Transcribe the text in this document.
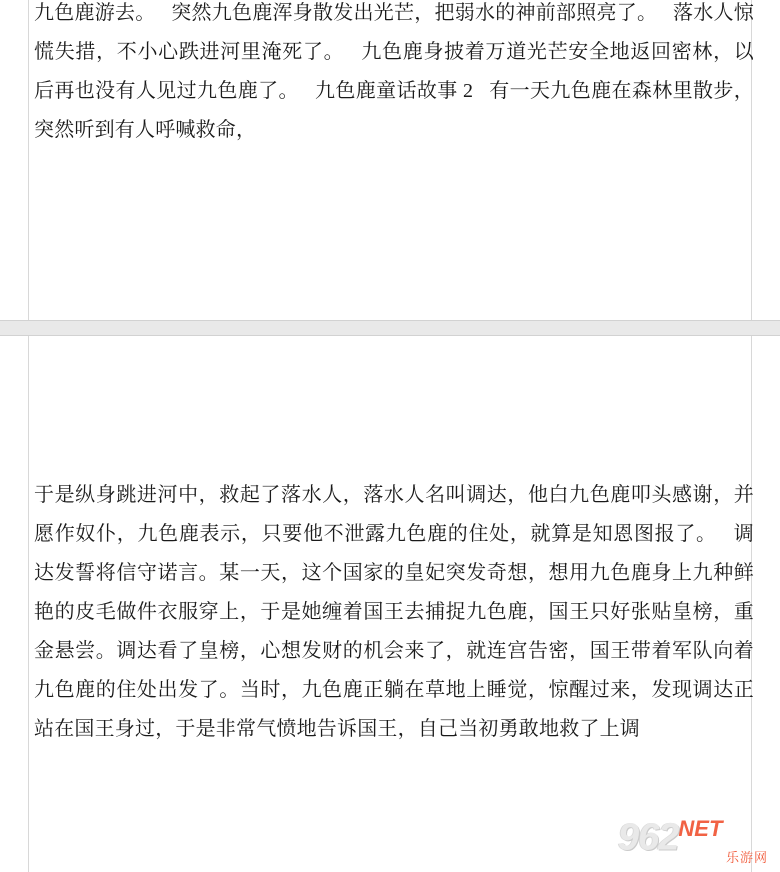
九色鹿游去。   突然九色鹿浑身散发出光芒，把弱水的神前部照亮了。   落水人惊慌失措，不小心跌进河里淹死了。   九色鹿身披着万道光芒安全地返回密林，以后再也没有人见过九色鹿了。   九色鹿童话故事 2   有一天九色鹿在森林里散步，突然听到有人呼喊救命，
于是纵身跳进河中，救起了落水人，落水人名叫调达，他白九色鹿叩头感谢，并愿作奴仆，九色鹿表示，只要他不泄露九色鹿的住处，就算是知恩图报了。   调达发誓将信守诺言。某一天，这个国家的皇妃突发奇想，想用九色鹿身上九种鲜艳的皮毛做件衣服穿上，于是她缠着国王去捕捉九色鹿，国王只好张贴皇榜，重金悬尝。调达看了皇榜，心想发财的机会来了，就连宫告密，国王带着军队向着九色鹿的住处出发了。当时，九色鹿正躺在草地上睡觉，惊醒过来，发现调达正站在国王身过，于是非常气愤地告诉国王，自己当初勇敢地救了上调
$962^{NET}$
乐游网
